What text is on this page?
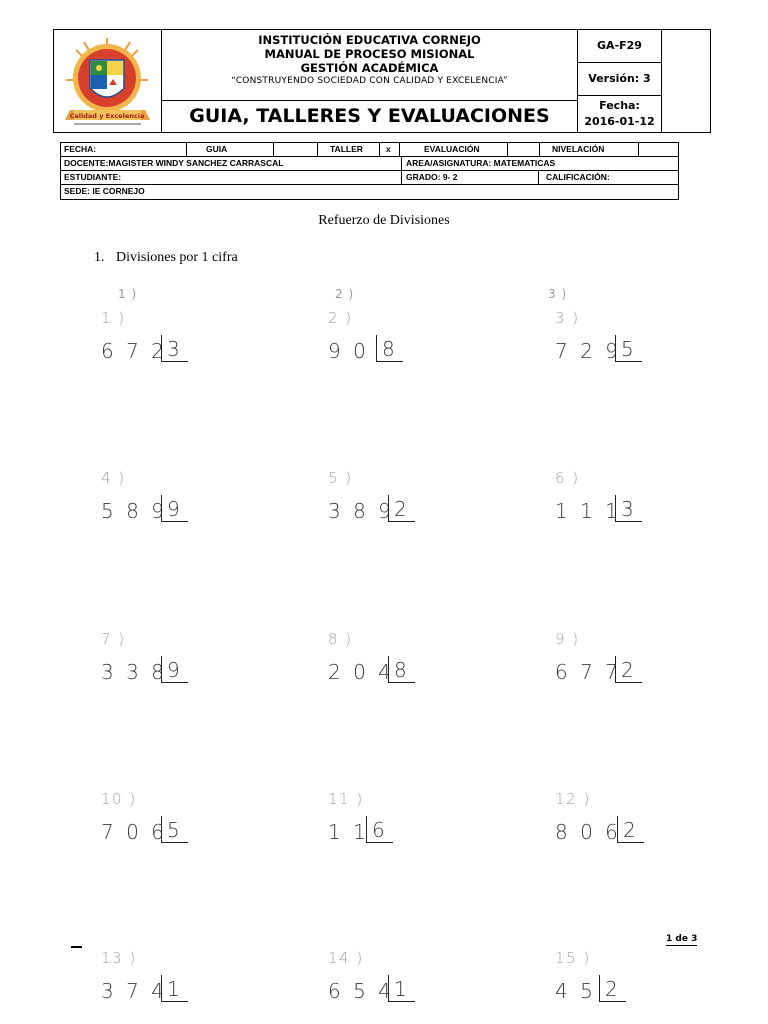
Calidad y Excelencia
INSTITUCIÓN EDUCATIVA CORNEJO
MANUAL DE PROCESO MISIONAL
GESTIÓN ACADÉMICA
“CONSTRUYENDO SOCIEDAD CON CALIDAD Y EXCELENCIA”
GUIA, TALLERES Y EVALUACIONES
GA-F29
Versión: 3
Fecha:
2016-01-12
FECHA:	GUIA	TALLER	x	EVALUACIÓN	NIVELACIÓN
DOCENTE:MAGISTER WINDY SANCHEZ CARRASCAL	AREA/ASIGNATURA: MATEMATICAS
ESTUDIANTE:	GRADO: 9- 2	CALIFICACIÓN:
SEDE: IE CORNEJO
Refuerzo de Divisiones
1. Divisiones por 1 cifra
1 )	2 )	3 )
1 )
6 7 2 3
2 )
9 0 8
3 )
7 2 9 5
4 )
5 8 9 9
5 )
3 8 9 2
6 )
1 1 1 3
7 )
3 3 8 9
8 )
2 0 4 8
9 )
6 7 7 2
10 )
7 0 6 5
11 )
1 1 6
12 )
8 0 6 2
13 )
3 7 4 1
14 )
6 5 4 1
15 )
4 5 2
1 de 3
